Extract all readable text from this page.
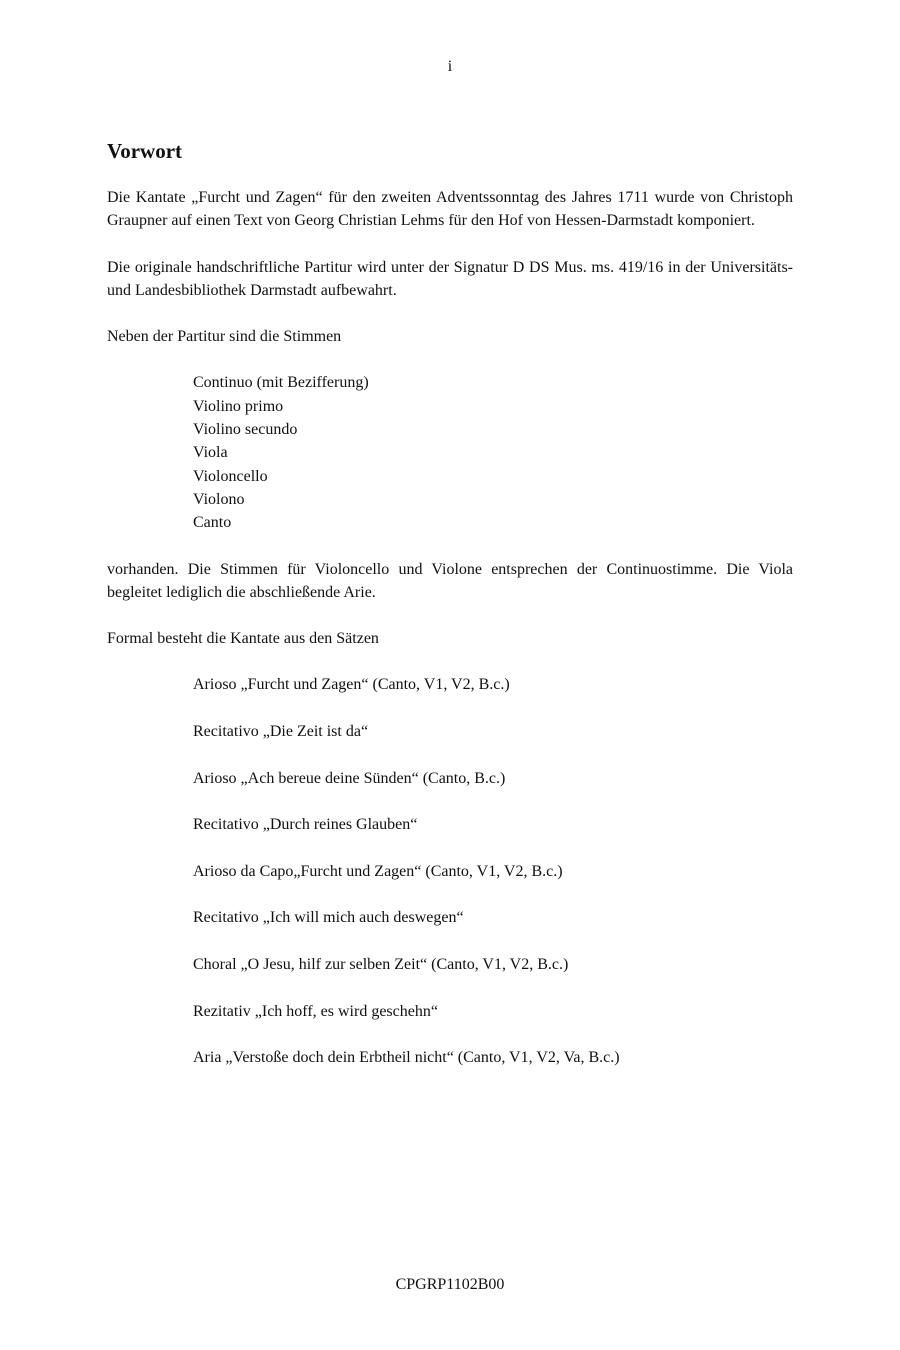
i
Vorwort

Die Kantate „Furcht und Zagen“ für den zweiten Adventssonntag des Jahres 1711 wurde von Christoph Graupner auf einen Text von Georg Christian Lehms für den Hof von Hessen-Darmstadt komponiert.

Die originale handschriftliche Partitur wird unter der Signatur D DS Mus. ms. 419/16 in der Universitäts- und Landesbibliothek Darmstadt aufbewahrt.

Neben der Partitur sind die Stimmen

Continuo (mit Bezifferung)
Violino primo
Violino secundo
Viola
Violoncello
Violono
Canto

vorhanden. Die Stimmen für Violoncello und Violone entsprechen der Continuostimme. Die Viola begleitet lediglich die abschließende Arie.

Formal besteht die Kantate aus den Sätzen

Arioso „Furcht und Zagen“ (Canto, V1, V2, B.c.)
Recitativo „Die Zeit ist da“
Arioso „Ach bereue deine Sünden“ (Canto, B.c.)
Recitativo „Durch reines Glauben“
Arioso da Capo„Furcht und Zagen“ (Canto, V1, V2, B.c.)
Recitativo „Ich will mich auch deswegen“
Choral „O Jesu, hilf zur selben Zeit“ (Canto, V1, V2, B.c.)
Rezitativ „Ich hoff, es wird geschehn“
Aria „Verstoße doch dein Erbtheil nicht“ (Canto, V1, V2, Va, B.c.)
CPGRP1102B00
